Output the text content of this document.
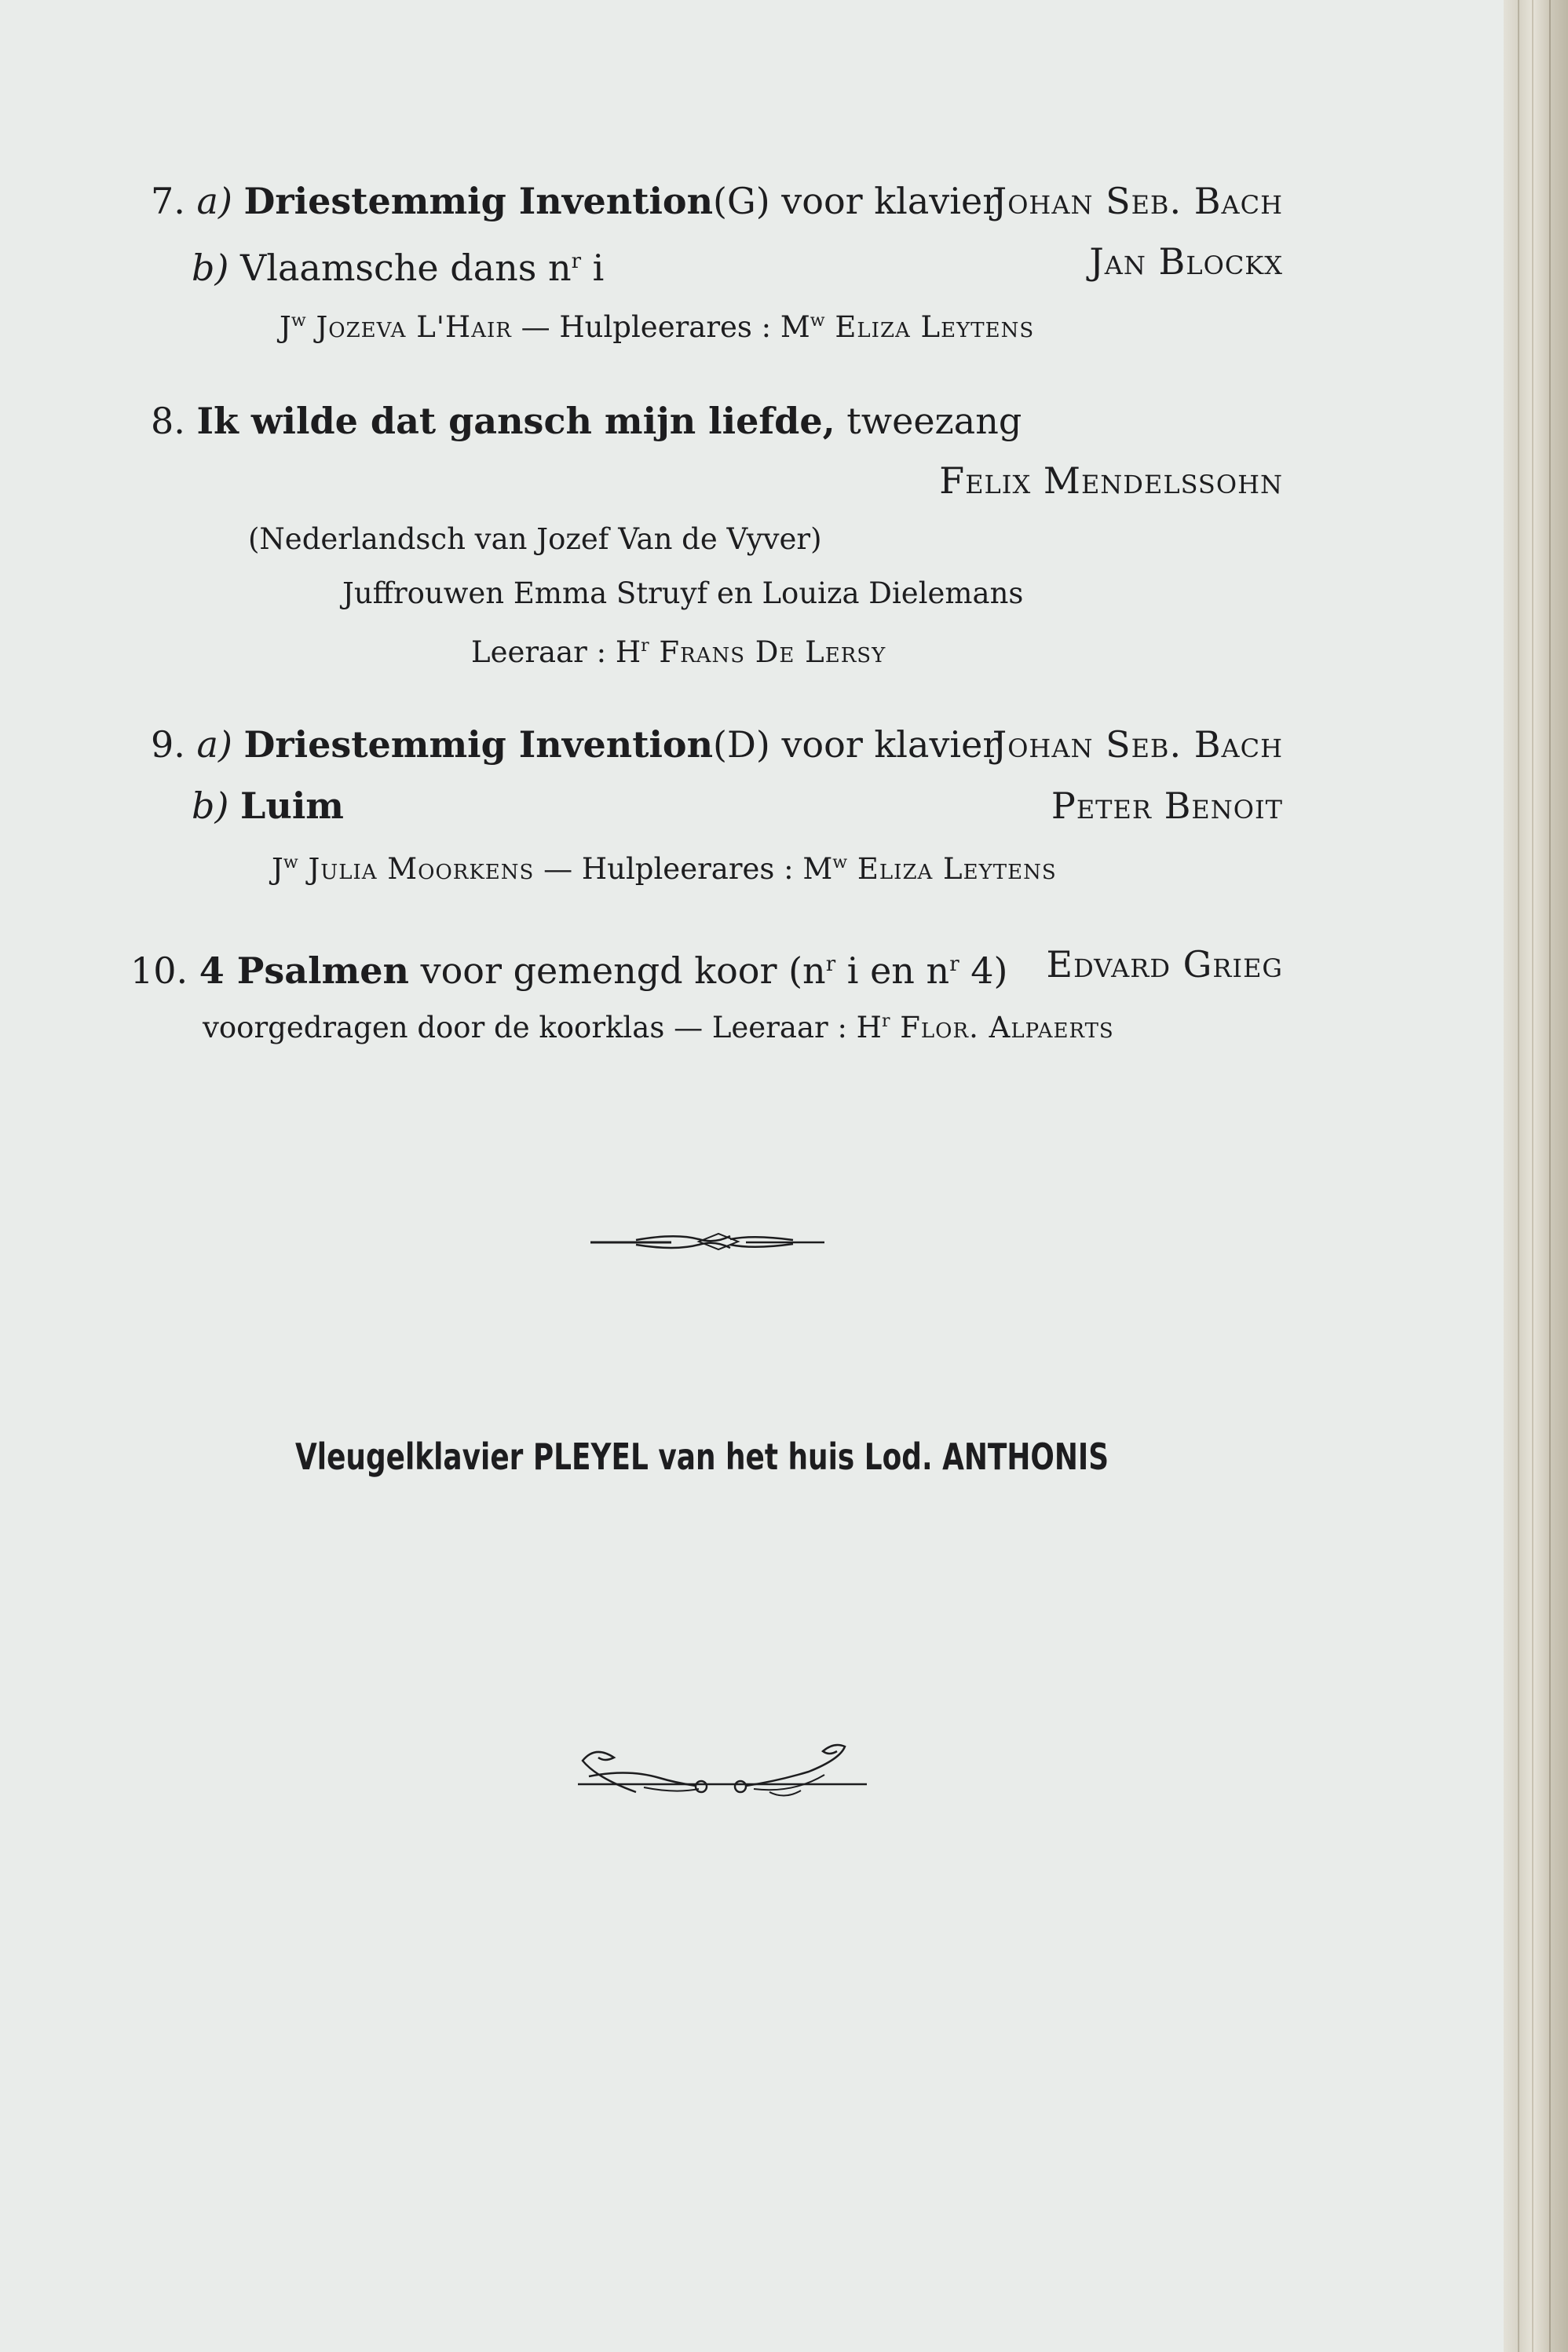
7. a) Driestemmig Invention(G) voor klavier
Johan Seb. Bach
b) Vlaamsche dans $n^r$ i	Jan Blockx
$J^w$ Jozeva L'Hair — Hulpleerares : $M^w$ Eliza Leytens
8. Ik wilde dat gansch mijn liefde, tweezang
Felix Mendelssohn
(Nederlandsch van Jozef Van de Vyver)
Juffrouwen Emma Struyf en Louiza Dielemans
Leeraar : $H^r$ Frans De Lersy
9. a) Driestemmig Invention(D) voor klavier
Johan Seb. Bach
b) Luim	Peter Benoit
$J^w$ Julia Moorkens — Hulpleerares : $M^w$ Eliza Leytens
10. 4 Psalmen voor gemengd koor ($n^r$ i en $n^r$ 4) Edvard Grieg
voorgedragen door de koorklas — Leeraar : $H^r$ Flor. Alpaerts
Vleugelklavier PLEYEL van het huis Lod. ANTHONIS
